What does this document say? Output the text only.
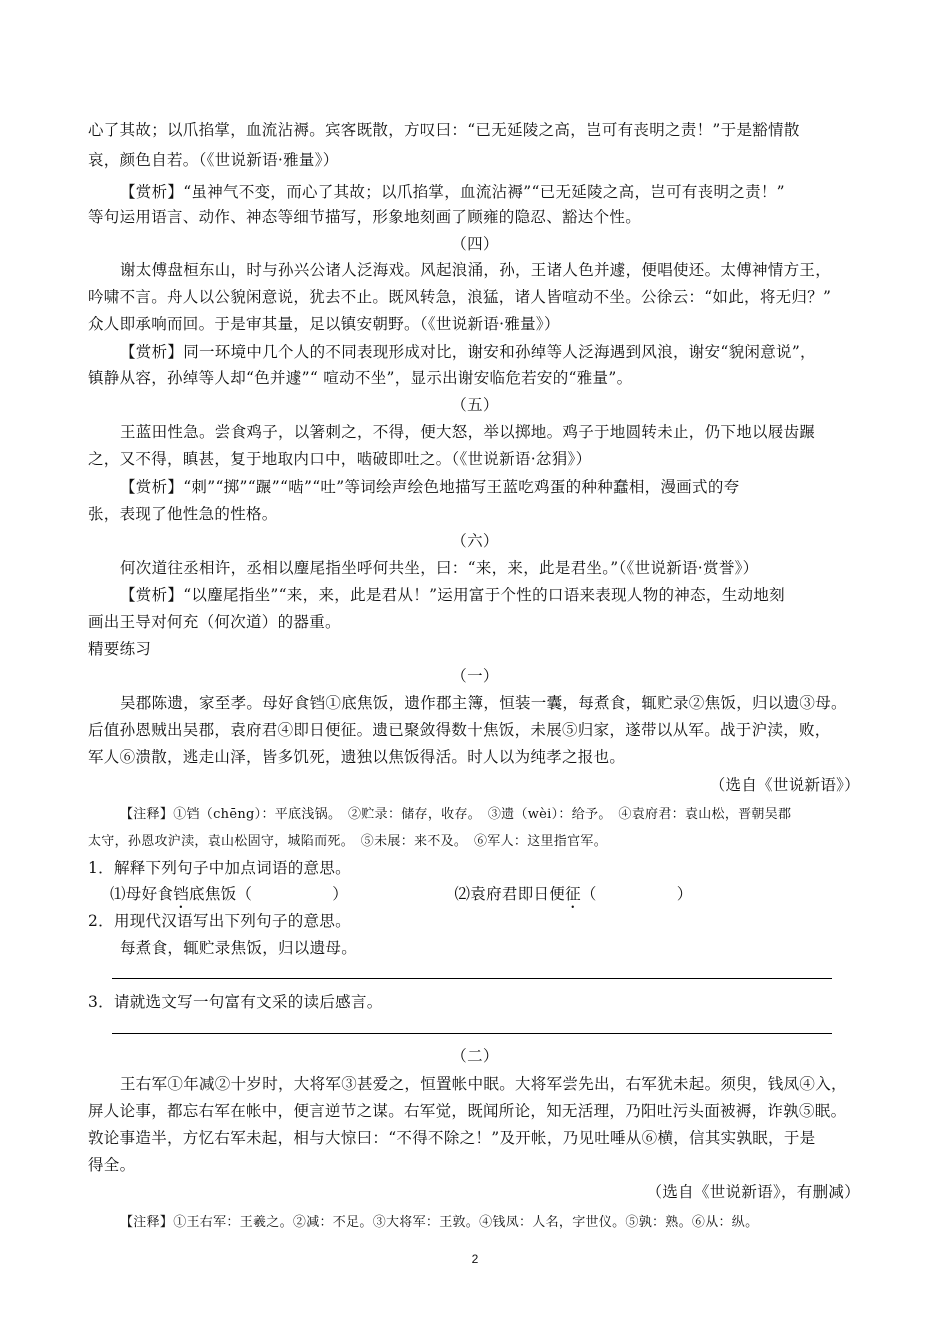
心了其故；以爪掐掌，血流沾褥。宾客既散，方叹曰：“已无延陵之高，岂可有丧明之责！”于是豁情散
哀，颜色自若。（《世说新语·雅量》）
【赏析】“虽神气不变，而心了其故；以爪掐掌，血流沾褥”“已无延陵之高，岂可有丧明之责！”
等句运用语言、动作、神态等细节描写，形象地刻画了顾雍的隐忍、豁达个性。
（四）
谢太傅盘桓东山，时与孙兴公诸人泛海戏。风起浪涌，孙，王诸人色并遽，便唱使还。太傅神情方王，
吟啸不言。舟人以公貌闲意说，犹去不止。既风转急，浪猛，诸人皆喧动不坐。公徐云：“如此，将无归？”
众人即承响而回。于是审其量，足以镇安朝野。（《世说新语·雅量》）
【赏析】同一环境中几个人的不同表现形成对比，谢安和孙绰等人泛海遇到风浪，谢安“貌闲意说”，
镇静从容，孙绰等人却“色并遽”“ 喧动不坐”，显示出谢安临危若安的“雅量”。
（五）
王蓝田性急。尝食鸡子，以箸刺之，不得，便大怒，举以掷地。鸡子于地圆转未止，仍下地以屐齿蹍
之，又不得，瞋甚，复于地取内口中，啮破即吐之。（《世说新语·忿狷》）
【赏析】“刺”“掷”“蹍”“啮”“吐”等词绘声绘色地描写王蓝吃鸡蛋的种种蠢相，漫画式的夸
张，表现了他性急的性格。
（六）
何次道往丞相许，丞相以麈尾指坐呼何共坐，曰：“来，来，此是君坐。”（《世说新语·赏誉》）
【赏析】“以麈尾指坐”“来，来，此是君从！”运用富于个性的口语来表现人物的神态，生动地刻
画出王导对何充（何次道）的器重。
精要练习
（一）
吴郡陈遗，家至孝。母好食铛①底焦饭，遗作郡主簿，恒装一囊，每煮食，辄贮录②焦饭，归以遗③母。
后值孙恩贼出吴郡，袁府君④即日便征。遗已聚敛得数十焦饭，未展⑤归家，遂带以从军。战于沪渎，败，
军人⑥溃散，逃走山泽，皆多饥死，遗独以焦饭得活。时人以为纯孝之报也。
（选自《世说新语》）
【注释】①铛（chēng）：平底浅锅。　②贮录：储存，收存。　③遗（wèi）：给予。　④袁府君：袁山松，晋朝吴郡
太守，孙恩攻沪渎，袁山松固守，城陷而死。　⑤未展：来不及。　⑥军人：这里指官军。
1．解释下列句子中加点词语的意思。
⑴母好食铛底焦饭（	）	⑵袁府君即日便征（	）
2．用现代汉语写出下列句子的意思。
每煮食，辄贮录焦饭，归以遗母。
3．请就选文写一句富有文采的读后感言。
（二）
王右军①年减②十岁时，大将军③甚爱之，恒置帐中眠。大将军尝先出，右军犹未起。须臾，钱凤④入，
屏人论事，都忘右军在帐中，便言逆节之谋。右军觉，既闻所论，知无活理，乃阳吐污头面被褥，诈孰⑤眠。
敦论事造半，方忆右军未起，相与大惊曰：“不得不除之！”及开帐，乃见吐唾从⑥横，信其实孰眠，于是
得全。
（选自《世说新语》，有删减）
【注释】①王右军：王羲之。②减：不足。③大将军：王敦。④钱凤：人名，字世仪。⑤孰：熟。⑥从：纵。
2
